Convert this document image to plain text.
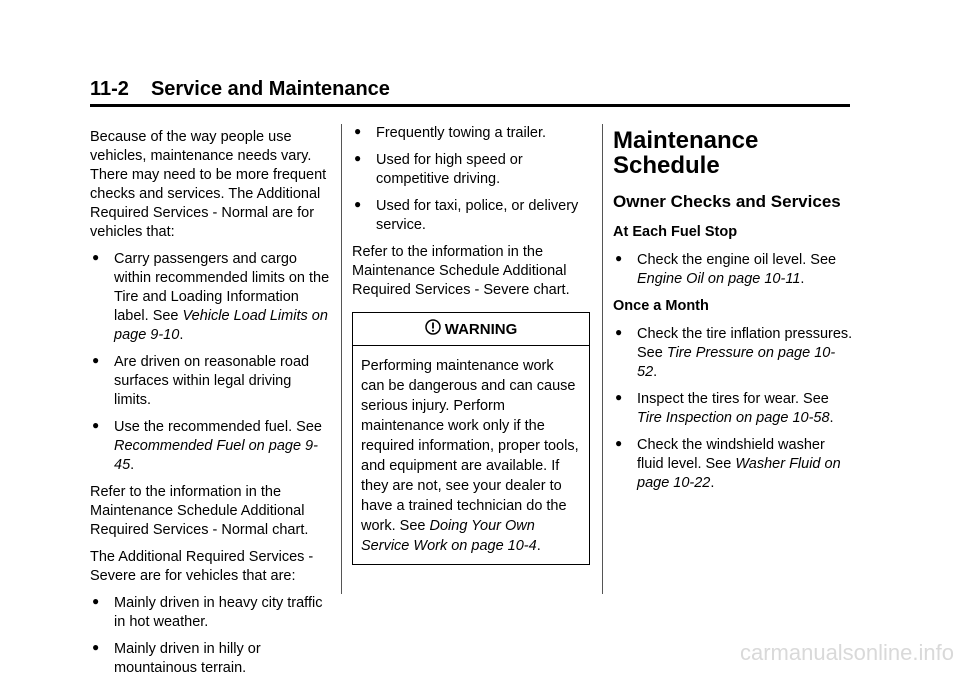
11-2 Service and Maintenance

Because of the way people use vehicles, maintenance needs vary. There may need to be more frequent checks and services. The Additional Required Services - Normal are for vehicles that:

● Carry passengers and cargo within recommended limits on the Tire and Loading Information label. See Vehicle Load Limits on page 9-10.
● Are driven on reasonable road surfaces within legal driving limits.
● Use the recommended fuel. See Recommended Fuel on page 9-45.

Refer to the information in the Maintenance Schedule Additional Required Services - Normal chart.

The Additional Required Services - Severe are for vehicles that are:

● Mainly driven in heavy city traffic in hot weather.
● Mainly driven in hilly or mountainous terrain.
● Frequently towing a trailer.
● Used for high speed or competitive driving.
● Used for taxi, police, or delivery service.

Refer to the information in the Maintenance Schedule Additional Required Services - Severe chart.

WARNING
Performing maintenance work can be dangerous and can cause serious injury. Perform maintenance work only if the required information, proper tools, and equipment are available. If they are not, see your dealer to have a trained technician do the work. See Doing Your Own Service Work on page 10-4.
Maintenance Schedule
Owner Checks and Services
At Each Fuel Stop
● Check the engine oil level. See Engine Oil on page 10-11.
Once a Month
● Check the tire inflation pressures. See Tire Pressure on page 10-52.
● Inspect the tires for wear. See Tire Inspection on page 10-58.
● Check the windshield washer fluid level. See Washer Fluid on page 10-22.
carmanualsonline.info
